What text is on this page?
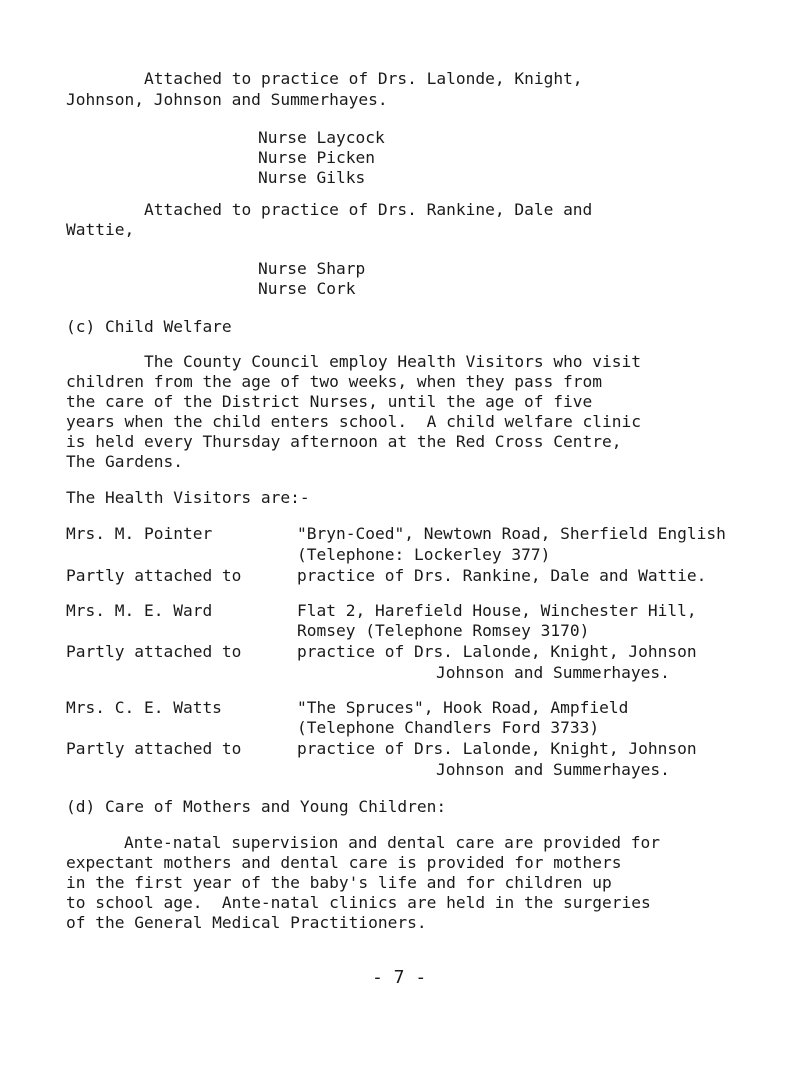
Attached to practice of Drs. Lalonde, Knight,
Johnson, Johnson and Summerhayes.
Nurse Laycock
Nurse Picken
Nurse Gilks
Attached to practice of Drs. Rankine, Dale and
Wattie,
Nurse Sharp
Nurse Cork
(c) Child Welfare
The County Council employ Health Visitors who visit
children from the age of two weeks, when they pass from
the care of the District Nurses, until the age of five
years when the child enters school.  A child welfare clinic
is held every Thursday afternoon at the Red Cross Centre,
The Gardens.
The Health Visitors are:-
Mrs. M. Pointer	"Bryn-Coed", Newtown Road, Sherfield English
(Telephone: Lockerley 377)
Partly attached to	practice of Drs. Rankine, Dale and Wattie.
Mrs. M. E. Ward	Flat 2, Harefield House, Winchester Hill,
Romsey (Telephone Romsey 3170)
Partly attached to	practice of Drs. Lalonde, Knight, Johnson
Johnson and Summerhayes.
Mrs. C. E. Watts	"The Spruces", Hook Road, Ampfield
(Telephone Chandlers Ford 3733)
Partly attached to	practice of Drs. Lalonde, Knight, Johnson
Johnson and Summerhayes.
(d) Care of Mothers and Young Children:
Ante-natal supervision and dental care are provided for
expectant mothers and dental care is provided for mothers
in the first year of the baby's life and for children up
to school age.  Ante-natal clinics are held in the surgeries
of the General Medical Practitioners.
- 7 -
